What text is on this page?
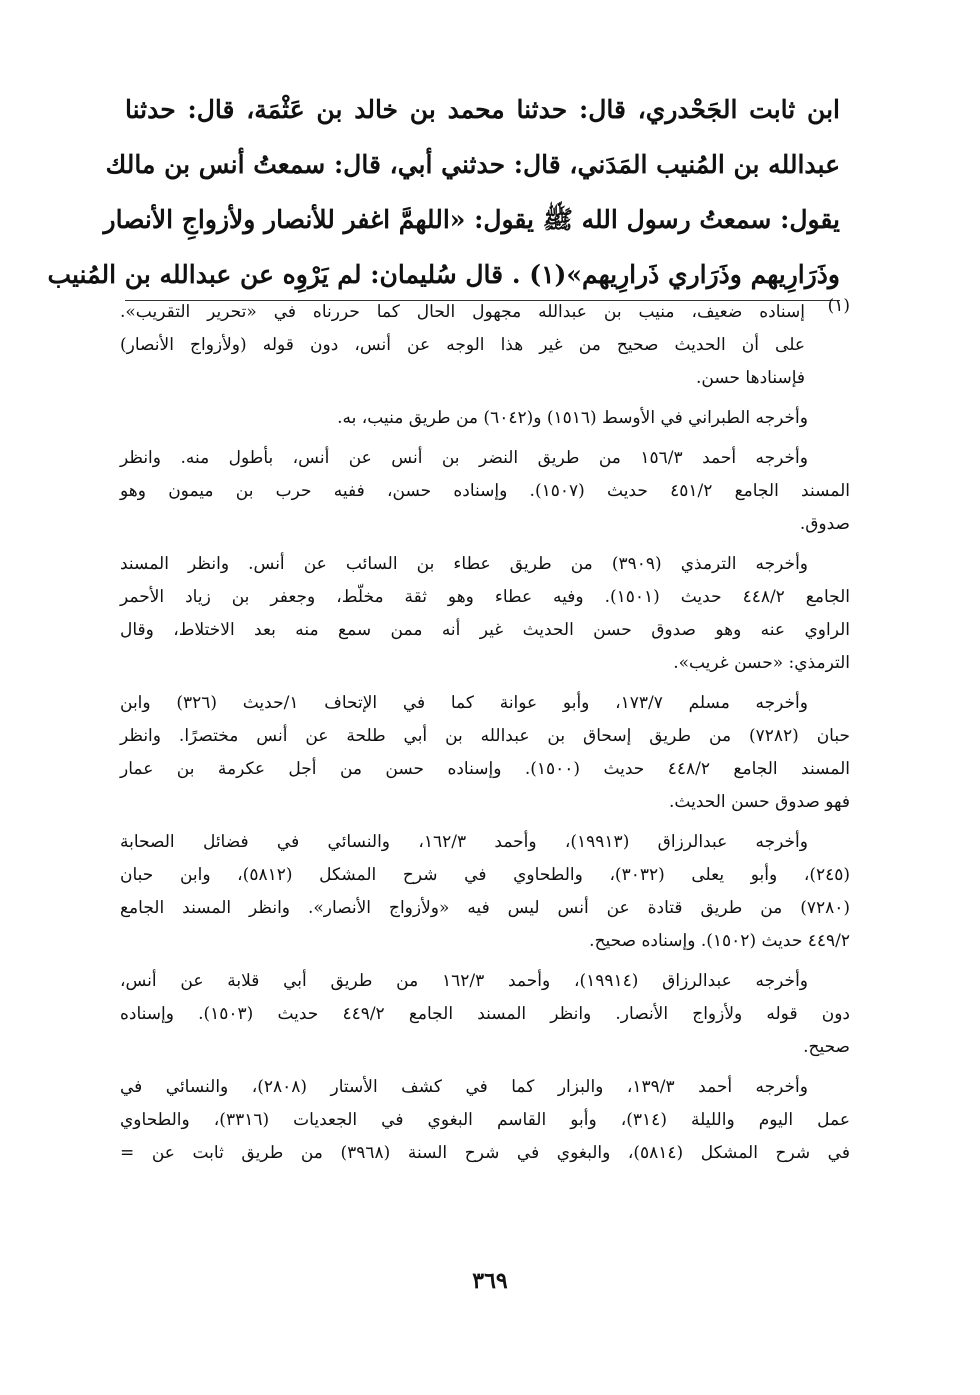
ابن ثابت الجَحْدري، قال: حدثنا محمد بن خالد بن عَثْمَة، قال: حدثنا
عبدالله بن المُنيب المَدَني، قال: حدثني أبي، قال: سمعتُ أنس بن مالك
يقول: سمعتُ رسول الله ﷺ يقول: «اللهمَّ اغفر للأنصار ولأزواجِ الأنصار
وذَرَارِيهم وذَرَاري ذَرارِيهم»(١) . قال سُليمان: لم يَرْوِه عن عبدالله بن المُنيب
(١)
إسناده ضعيف، منيب بن عبدالله مجهول الحال كما حررناه في «تحرير التقريب».
على أن الحديث صحيح من غير هذا الوجه عن أنس، دون قوله (ولأزواج الأنصار)
فإسنادها حسن.
وأخرجه الطبراني في الأوسط (١٥١٦) و(٦٠٤٢) من طريق منيب، به.
وأخرجه أحمد ١٥٦/٣ من طريق النضر بن أنس عن أنس، بأطول منه. وانظر
المسند الجامع ٤٥١/٢ حديث (١٥٠٧). وإسناده حسن، ففيه حرب بن ميمون وهو
صدوق.
وأخرجه الترمذي (٣٩٠٩) من طريق عطاء بن السائب عن أنس. وانظر المسند
الجامع ٤٤٨/٢ حديث (١٥٠١). وفيه عطاء وهو ثقة مخلّط، وجعفر بن زياد الأحمر
الراوي عنه وهو صدوق حسن الحديث غير أنه ممن سمع منه بعد الاختلاط، وقال
الترمذي: «حسن غريب».
وأخرجه مسلم ١٧٣/٧، وأبو عوانة كما في الإتحاف ١/حديث (٣٢٦) وابن
حبان (٧٢٨٢) من طريق إسحاق بن عبدالله بن أبي طلحة عن أنس مختصرًا. وانظر
المسند الجامع ٤٤٨/٢ حديث (١٥٠٠). وإسناده حسن من أجل عكرمة بن عمار
فهو صدوق حسن الحديث.
وأخرجه عبدالرزاق (١٩٩١٣)، وأحمد ١٦٢/٣، والنسائي في فضائل الصحابة
(٢٤٥)، وأبو يعلى (٣٠٣٢)، والطحاوي في شرح المشكل (٥٨١٢)، وابن حبان
(٧٢٨٠) من طريق قتادة عن أنس ليس فيه «ولأزواج الأنصار». وانظر المسند الجامع
٤٤٩/٢ حديث (١٥٠٢). وإسناده صحيح.
وأخرجه عبدالرزاق (١٩٩١٤)، وأحمد ١٦٢/٣ من طريق أبي قلابة عن أنس،
دون قوله ولأزواج الأنصار. وانظر المسند الجامع ٤٤٩/٢ حديث (١٥٠٣). وإسناده
صحيح.
وأخرجه أحمد ١٣٩/٣، والبزار كما في كشف الأستار (٢٨٠٨)، والنسائي في
عمل اليوم والليلة (٣١٤)، وأبو القاسم البغوي في الجعديات (٣٣١٦)، والطحاوي
في شرح المشكل (٥٨١٤)، والبغوي في شرح السنة (٣٩٦٨) من طريق ثابت عن =
٣٦٩
